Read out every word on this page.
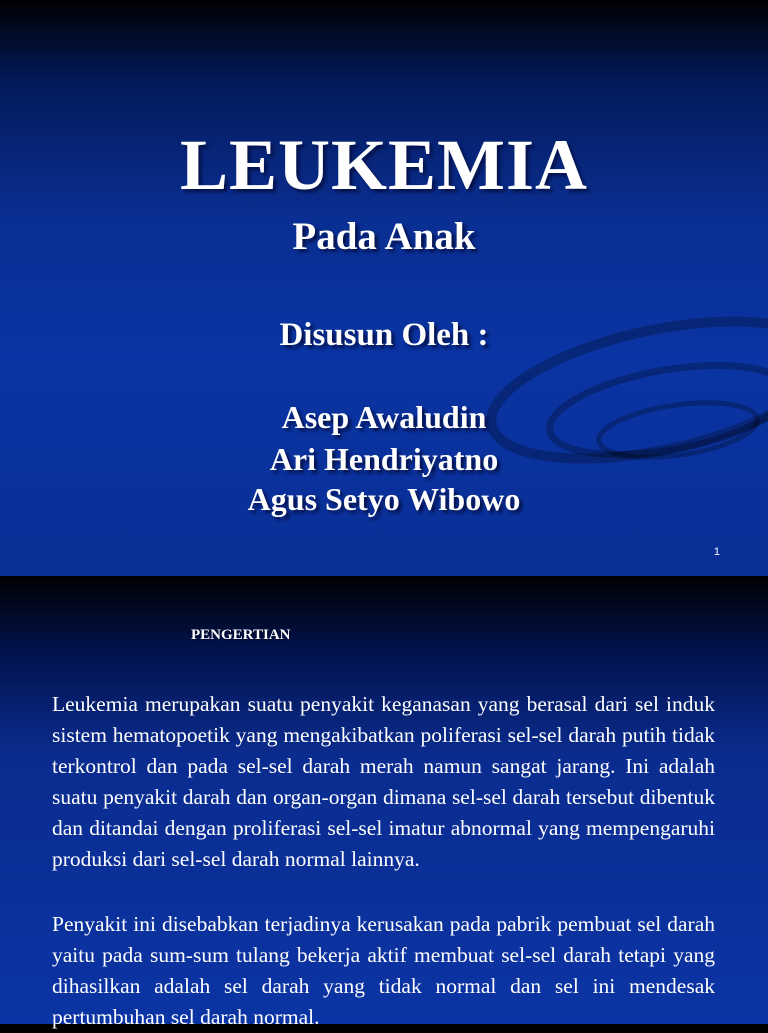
LEUKEMIA
Pada Anak
Disusun Oleh :
Asep Awaludin
Ari Hendriyatno
Agus Setyo Wibowo
1
PENGERTIAN

Leukemia merupakan suatu penyakit keganasan yang berasal dari sel induk sistem hematopoetik yang mengakibatkan poliferasi sel-sel darah putih tidak terkontrol dan pada sel-sel darah merah namun sangat jarang. Ini adalah suatu penyakit darah dan organ-organ dimana sel-sel darah tersebut dibentuk dan ditandai dengan proliferasi sel-sel imatur abnormal yang mempengaruhi produksi dari sel-sel darah normal lainnya.

Penyakit ini disebabkan terjadinya kerusakan pada pabrik pembuat sel darah yaitu pada sum-sum tulang bekerja aktif membuat sel-sel darah tetapi yang dihasilkan adalah sel darah yang tidak normal dan sel ini mendesak pertumbuhan sel darah normal.
